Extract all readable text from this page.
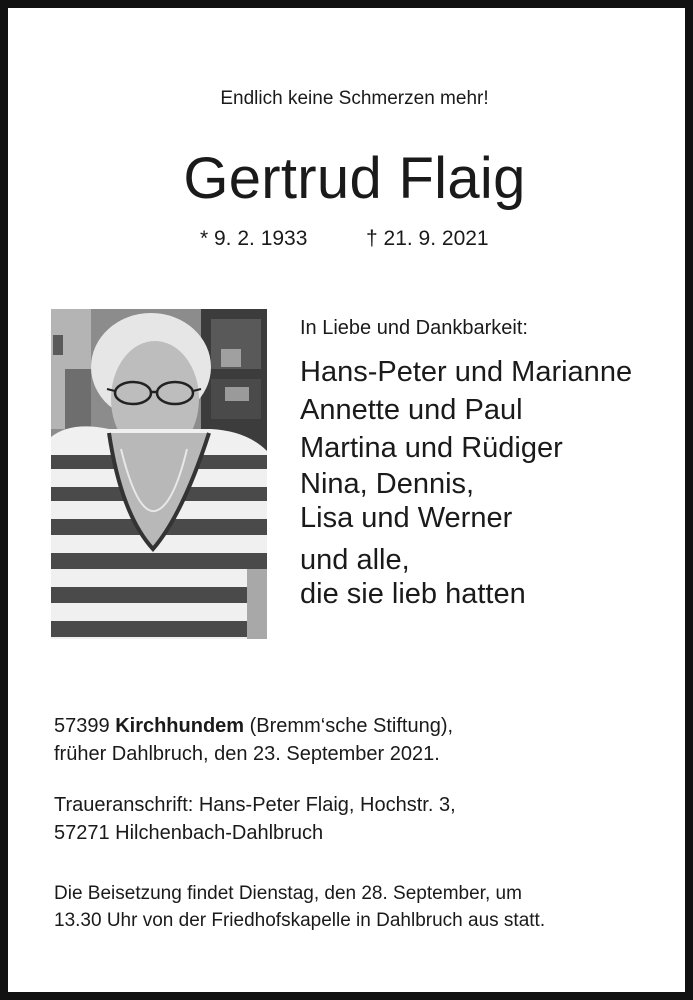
Endlich keine Schmerzen mehr!
Gertrud Flaig
* 9. 2. 1933	† 21. 9. 2021
In Liebe und Dankbarkeit:
Hans-Peter und Marianne
Annette und Paul
Martina und Rüdiger
Nina, Dennis,
Lisa und Werner
und alle,
die sie lieb hatten
57399 Kirchhundem (Bremm‘sche Stiftung),
früher Dahlbruch, den 23. September 2021.
Traueranschrift: Hans-Peter Flaig, Hochstr. 3,
57271 Hilchenbach-Dahlbruch
Die Beisetzung findet Dienstag, den 28. September, um
13.30 Uhr von der Friedhofskapelle in Dahlbruch aus statt.
